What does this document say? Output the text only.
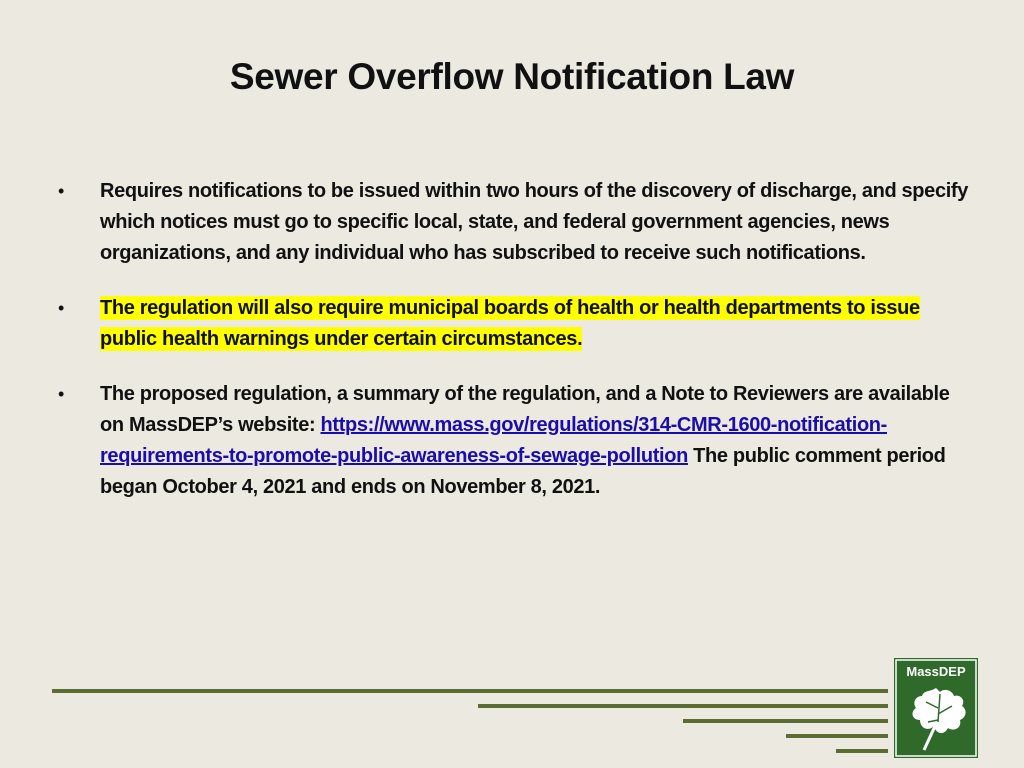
Sewer Overflow Notification Law
•	Requires notifications to be issued within two hours of the discovery of discharge, and specify which notices must go to specific local, state, and federal government agencies, news organizations, and any individual who has subscribed to receive such notifications.
•	The regulation will also require municipal boards of health or health departments to issue public health warnings under certain circumstances.
•	The proposed regulation, a summary of the regulation, and a Note to Reviewers are available on MassDEP’s website: https://www.mass.gov/regulations/314-CMR-1600-notification-requirements-to-promote-public-awareness-of-sewage-pollution The public comment period began October 4, 2021 and ends on November 8, 2021.
MassDEP
